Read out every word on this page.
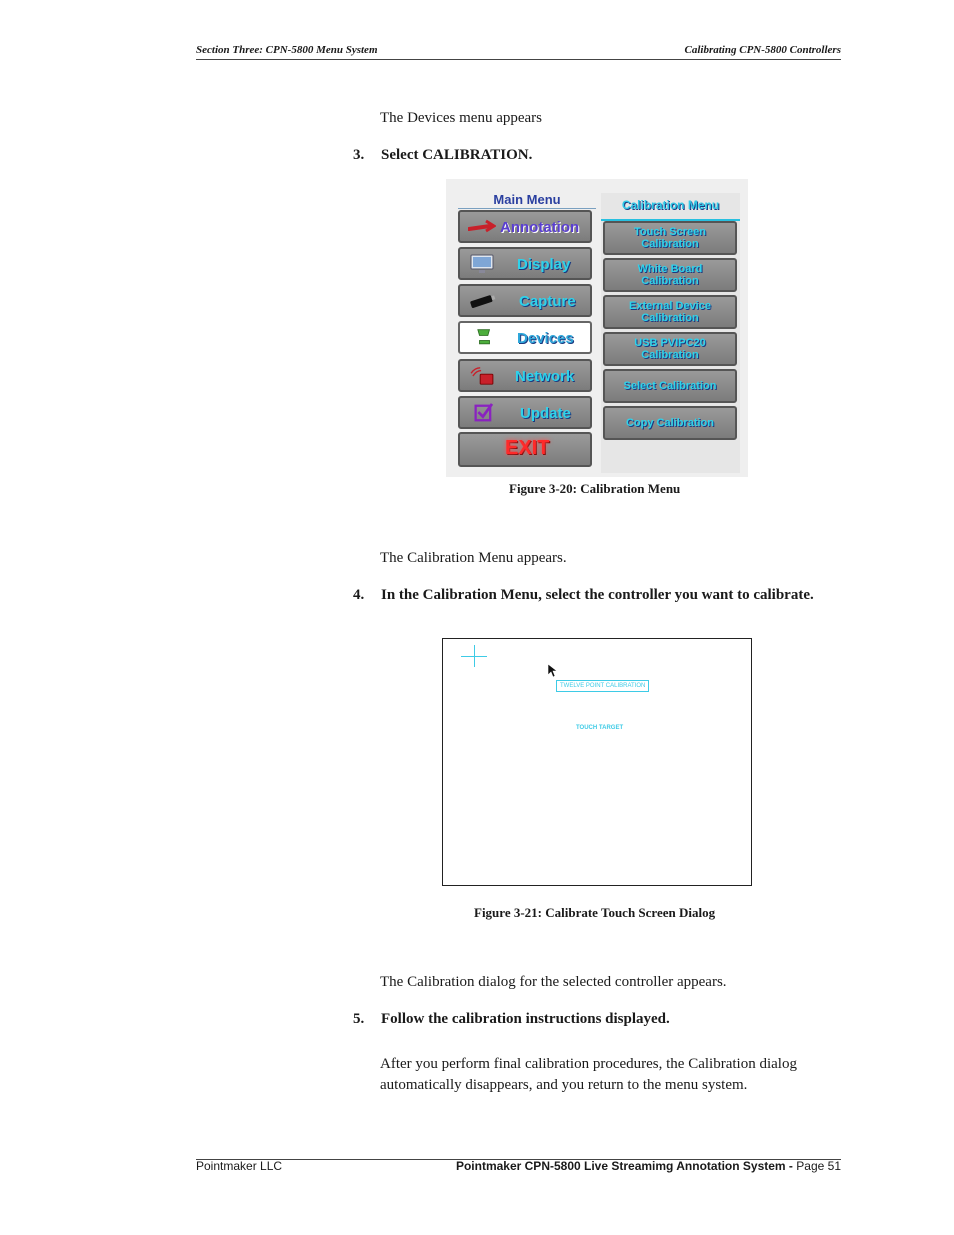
Section Three: CPN-5800 Menu System	Calibrating CPN-5800 Controllers
The Devices menu appears
3. Select CALIBRATION.
Main Menu
Annotation
Display
Capture
Devices
Network
Update
EXIT
Calibration Menu
Touch Screen Calibration
White Board Calibration
External Device Calibration
USB PVIPC20 Calibration
Select Calibration
Copy Calibration
Figure 3-20: Calibration Menu
The Calibration Menu appears.
4. In the Calibration Menu, select the controller you want to calibrate.
TWELVE POINT CALIBRATION
TOUCH TARGET
Figure 3-21: Calibrate Touch Screen Dialog
The Calibration dialog for the selected controller appears.
5. Follow the calibration instructions displayed.
After you perform final calibration procedures, the Calibration dialog
automatically disappears, and you return to the menu system.
Pointmaker LLC	Pointmaker CPN-5800 Live Streamimg Annotation System - Page 51
